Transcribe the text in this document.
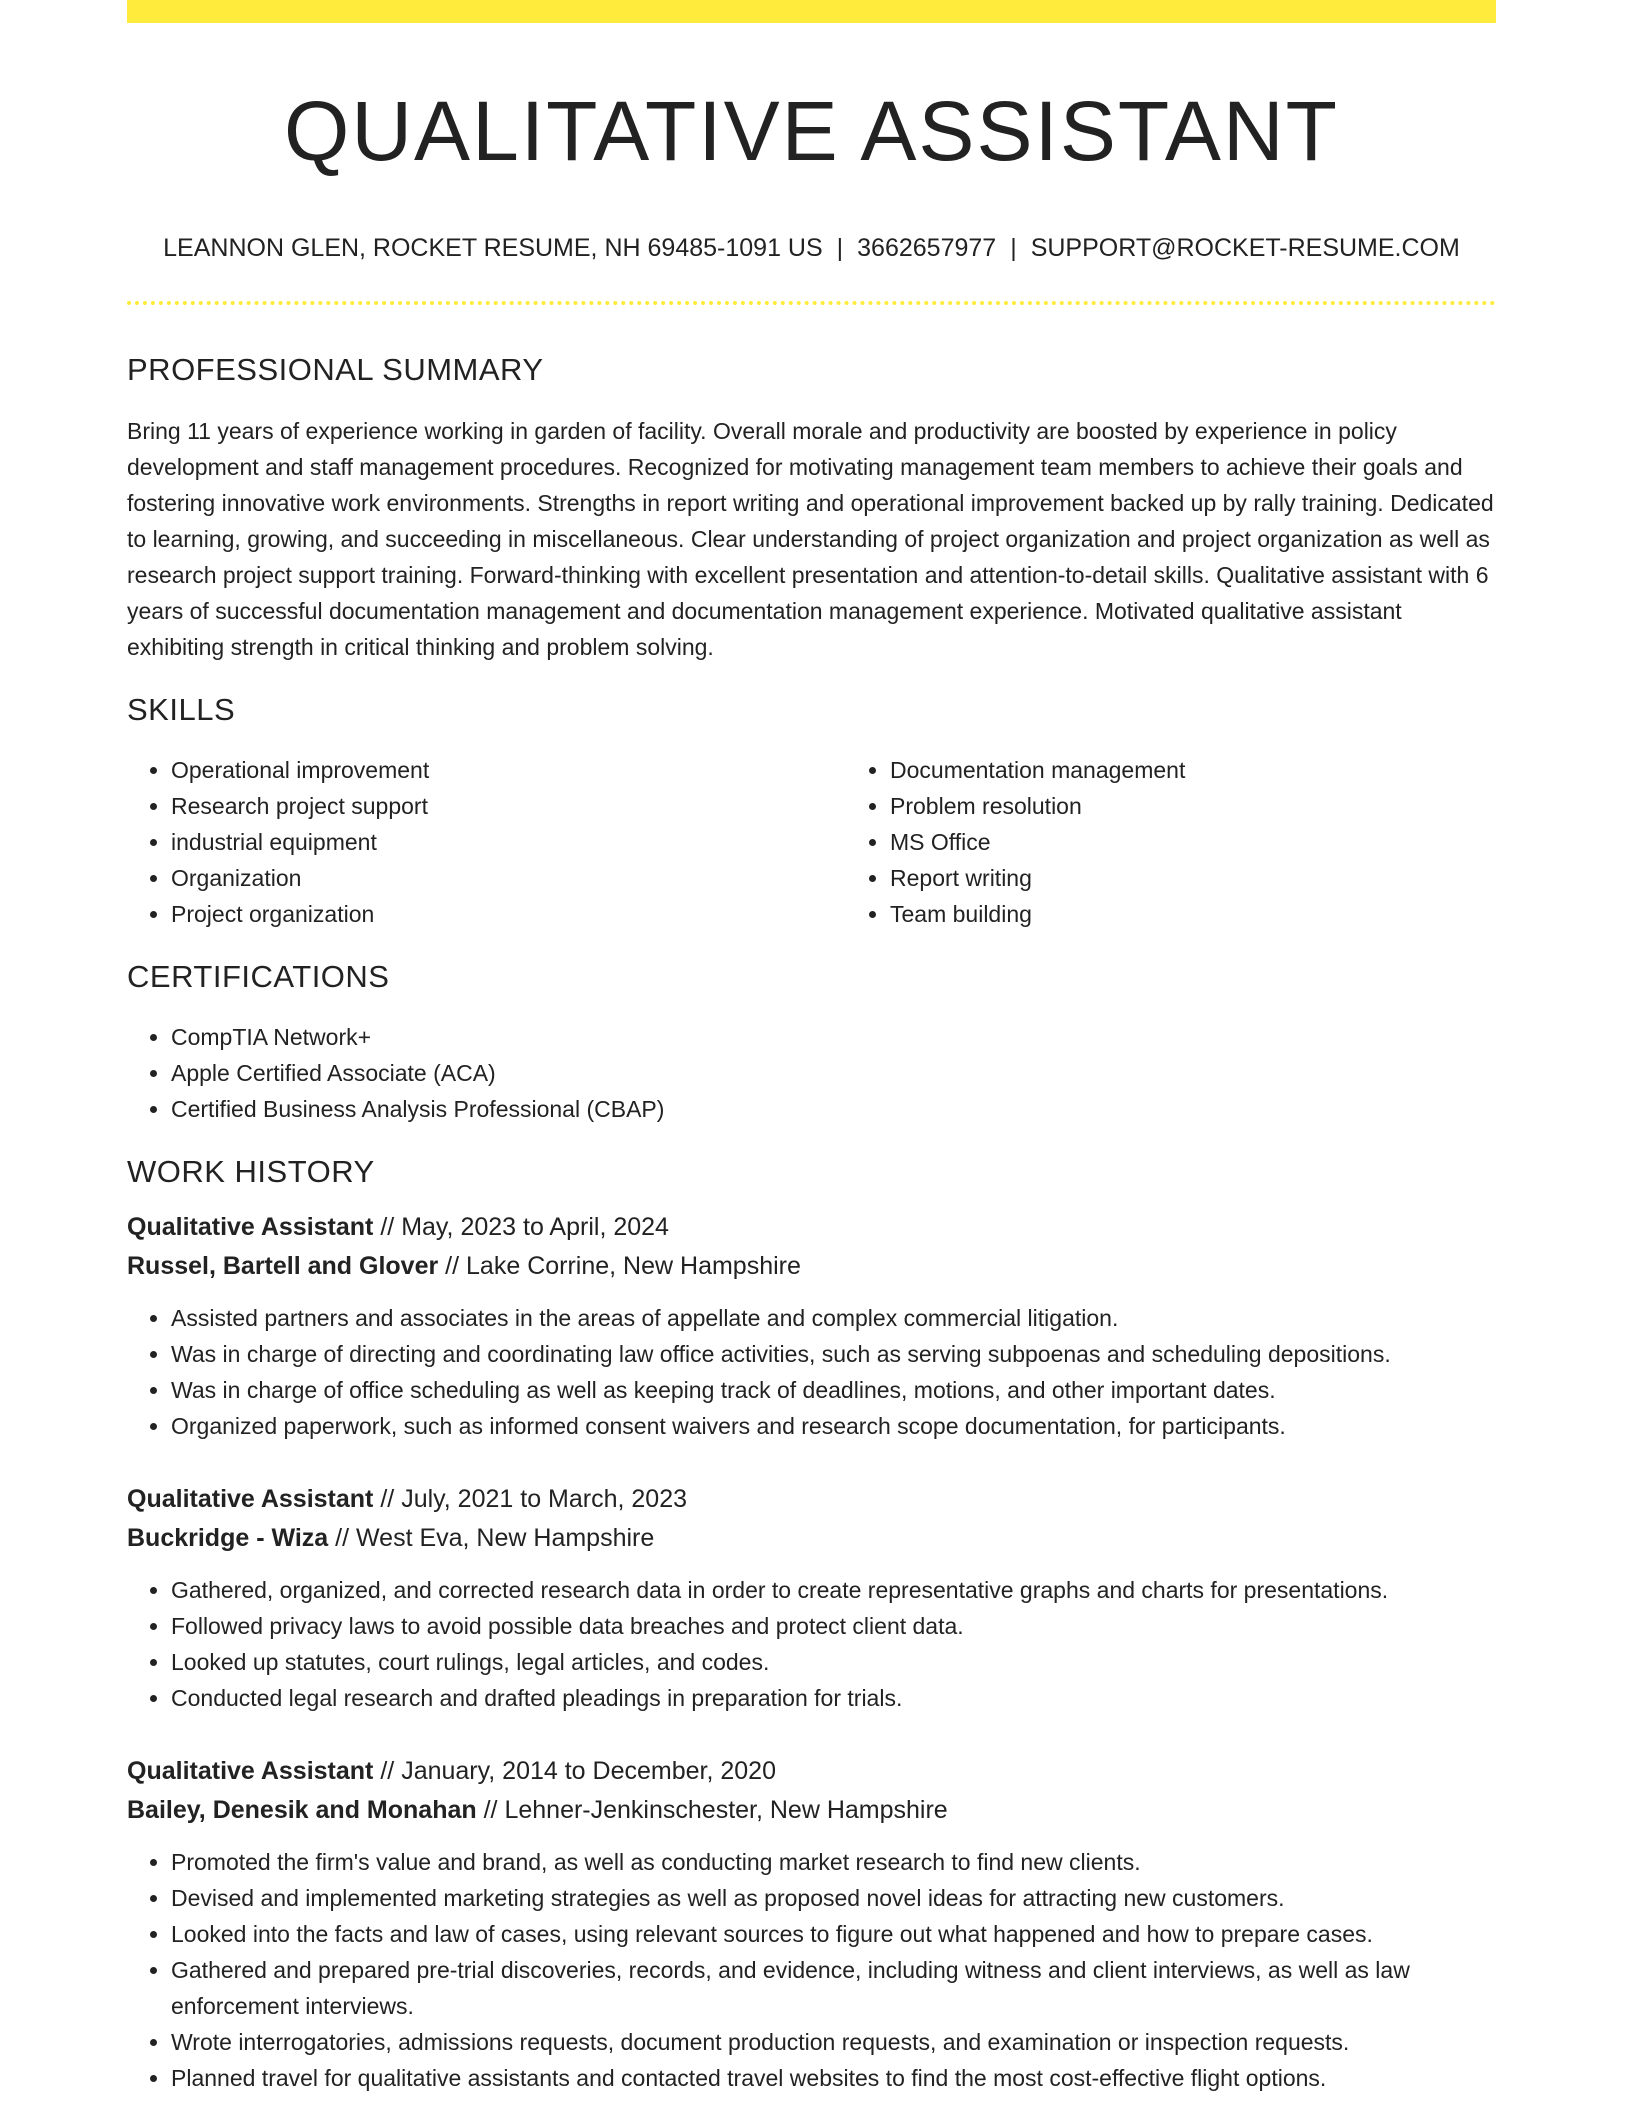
QUALITATIVE ASSISTANT
LEANNON GLEN, ROCKET RESUME, NH 69485-1091 US | 3662657977 | SUPPORT@ROCKET-RESUME.COM
PROFESSIONAL SUMMARY

Bring 11 years of experience working in garden of facility. Overall morale and productivity are boosted by experience in policy development and staff management procedures. Recognized for motivating management team members to achieve their goals and fostering innovative work environments. Strengths in report writing and operational improvement backed up by rally training. Dedicated to learning, growing, and succeeding in miscellaneous. Clear understanding of project organization and project organization as well as research project support training. Forward-thinking with excellent presentation and attention-to-detail skills. Qualitative assistant with 6 years of successful documentation management and documentation management experience. Motivated qualitative assistant exhibiting strength in critical thinking and problem solving.

SKILLS
• Operational improvement
• Research project support
• industrial equipment
• Organization
• Project organization
• Documentation management
• Problem resolution
• MS Office
• Report writing
• Team building
CERTIFICATIONS
• CompTIA Network+
• Apple Certified Associate (ACA)
• Certified Business Analysis Professional (CBAP)
WORK HISTORY
Qualitative Assistant // May, 2023 to April, 2024
Russel, Bartell and Glover // Lake Corrine, New Hampshire
• Assisted partners and associates in the areas of appellate and complex commercial litigation.
• Was in charge of directing and coordinating law office activities, such as serving subpoenas and scheduling depositions.
• Was in charge of office scheduling as well as keeping track of deadlines, motions, and other important dates.
• Organized paperwork, such as informed consent waivers and research scope documentation, for participants.
Qualitative Assistant // July, 2021 to March, 2023
Buckridge - Wiza // West Eva, New Hampshire
• Gathered, organized, and corrected research data in order to create representative graphs and charts for presentations.
• Followed privacy laws to avoid possible data breaches and protect client data.
• Looked up statutes, court rulings, legal articles, and codes.
• Conducted legal research and drafted pleadings in preparation for trials.
Qualitative Assistant // January, 2014 to December, 2020
Bailey, Denesik and Monahan // Lehner-Jenkinschester, New Hampshire
• Promoted the firm's value and brand, as well as conducting market research to find new clients.
• Devised and implemented marketing strategies as well as proposed novel ideas for attracting new customers.
• Looked into the facts and law of cases, using relevant sources to figure out what happened and how to prepare cases.
• Gathered and prepared pre-trial discoveries, records, and evidence, including witness and client interviews, as well as law enforcement interviews.
• Wrote interrogatories, admissions requests, document production requests, and examination or inspection requests.
• Planned travel for qualitative assistants and contacted travel websites to find the most cost-effective flight options.
